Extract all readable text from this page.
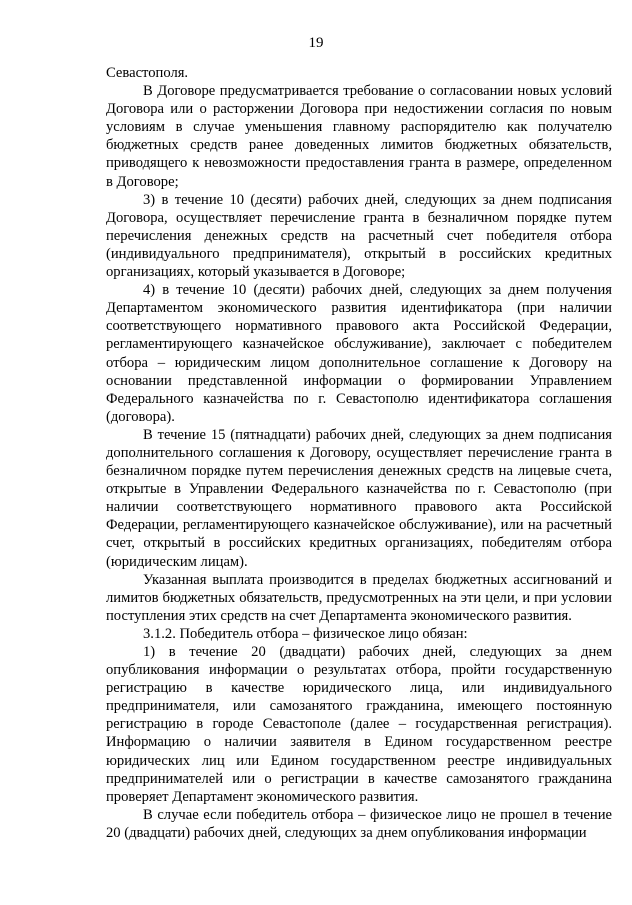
19

Севастополя.

В Договоре предусматривается требование о согласовании новых условий Договора или о расторжении Договора при недостижении согласия по новым условиям в случае уменьшения главному распорядителю как получателю бюджетных средств ранее доведенных лимитов бюджетных обязательств, приводящего к невозможности предоставления гранта в размере, определенном в Договоре;

3) в течение 10 (десяти) рабочих дней, следующих за днем подписания Договора, осуществляет перечисление гранта в безналичном порядке путем перечисления денежных средств на расчетный счет победителя отбора (индивидуального предпринимателя), открытый в российских кредитных организациях, который указывается в Договоре;

4) в течение 10 (десяти) рабочих дней, следующих за днем получения Департаментом экономического развития идентификатора (при наличии соответствующего нормативного правового акта Российской Федерации, регламентирующего казначейское обслуживание), заключает с победителем отбора – юридическим лицом дополнительное соглашение к Договору на основании представленной информации о формировании Управлением Федерального казначейства по г. Севастополю идентификатора соглашения (договора).

В течение 15 (пятнадцати) рабочих дней, следующих за днем подписания дополнительного соглашения к Договору, осуществляет перечисление гранта в безналичном порядке путем перечисления денежных средств на лицевые счета, открытые в Управлении Федерального казначейства по г. Севастополю (при наличии соответствующего нормативного правового акта Российской Федерации, регламентирующего казначейское обслуживание), или на расчетный счет, открытый в российских кредитных организациях, победителям отбора (юридическим лицам).

Указанная выплата производится в пределах бюджетных ассигнований и лимитов бюджетных обязательств, предусмотренных на эти цели, и при условии поступления этих средств на счет Департамента экономического развития.

3.1.2. Победитель отбора – физическое лицо обязан:

1) в течение 20 (двадцати) рабочих дней, следующих за днем опубликования информации о результатах отбора, пройти государственную регистрацию в качестве юридического лица, или индивидуального предпринимателя, или самозанятого гражданина, имеющего постоянную регистрацию в городе Севастополе (далее – государственная регистрация). Информацию о наличии заявителя в Едином государственном реестре юридических лиц или Едином государственном реестре индивидуальных предпринимателей или о регистрации в качестве самозанятого гражданина проверяет Департамент экономического развития.

В случае если победитель отбора – физическое лицо не прошел в течение 20 (двадцати) рабочих дней, следующих за днем опубликования информации
